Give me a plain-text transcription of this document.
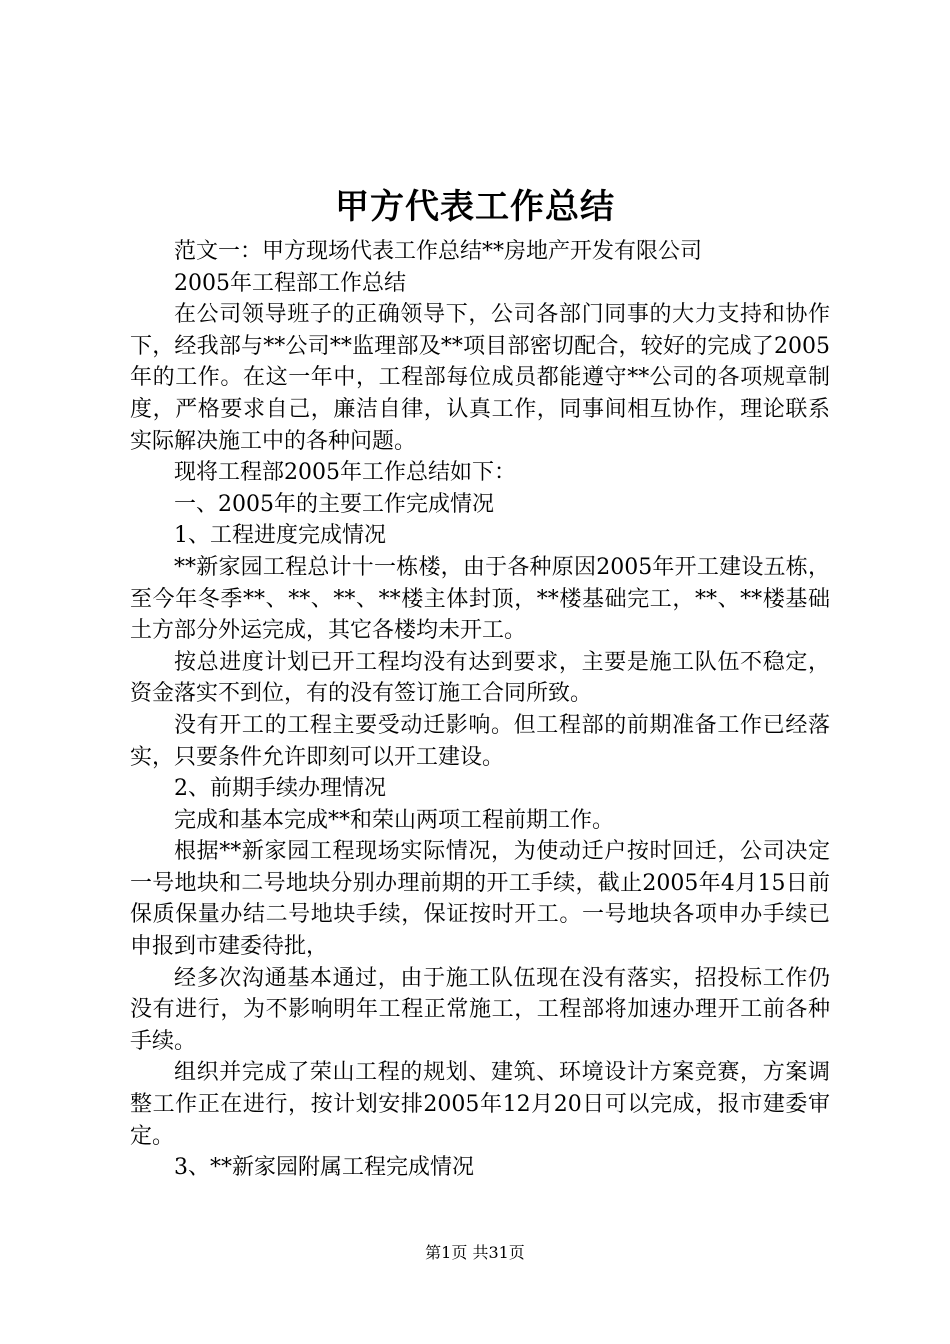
甲方代表工作总结

范文一：甲方现场代表工作总结**房地产开发有限公司

2005年工程部工作总结

在公司领导班子的正确领导下，公司各部门同事的大力支持和协作下，经我部与**公司**监理部及**项目部密切配合，较好的完成了2005年的工作。在这一年中，工程部每位成员都能遵守**公司的各项规章制度，严格要求自己，廉洁自律，认真工作，同事间相互协作，理论联系实际解决施工中的各种问题。

现将工程部2005年工作总结如下：

一、2005年的主要工作完成情况

1、工程进度完成情况

**新家园工程总计十一栋楼，由于各种原因2005年开工建设五栋，至今年冬季**、**、**、**楼主体封顶，**楼基础完工，**、**楼基础土方部分外运完成，其它各楼均未开工。

按总进度计划已开工程均没有达到要求，主要是施工队伍不稳定，资金落实不到位，有的没有签订施工合同所致。

没有开工的工程主要受动迁影响。但工程部的前期准备工作已经落实，只要条件允许即刻可以开工建设。

2、前期手续办理情况

完成和基本完成**和荣山两项工程前期工作。

根据**新家园工程现场实际情况，为使动迁户按时回迁，公司决定一号地块和二号地块分别办理前期的开工手续，截止2005年4月15日前保质保量办结二号地块手续，保证按时开工。一号地块各项申办手续已申报到市建委待批，

经多次沟通基本通过，由于施工队伍现在没有落实，招投标工作仍没有进行，为不影响明年工程正常施工，工程部将加速办理开工前各种手续。

组织并完成了荣山工程的规划、建筑、环境设计方案竞赛，方案调整工作正在进行，按计划安排2005年12月20日可以完成，报市建委审定。

3、**新家园附属工程完成情况

第1页 共31页
